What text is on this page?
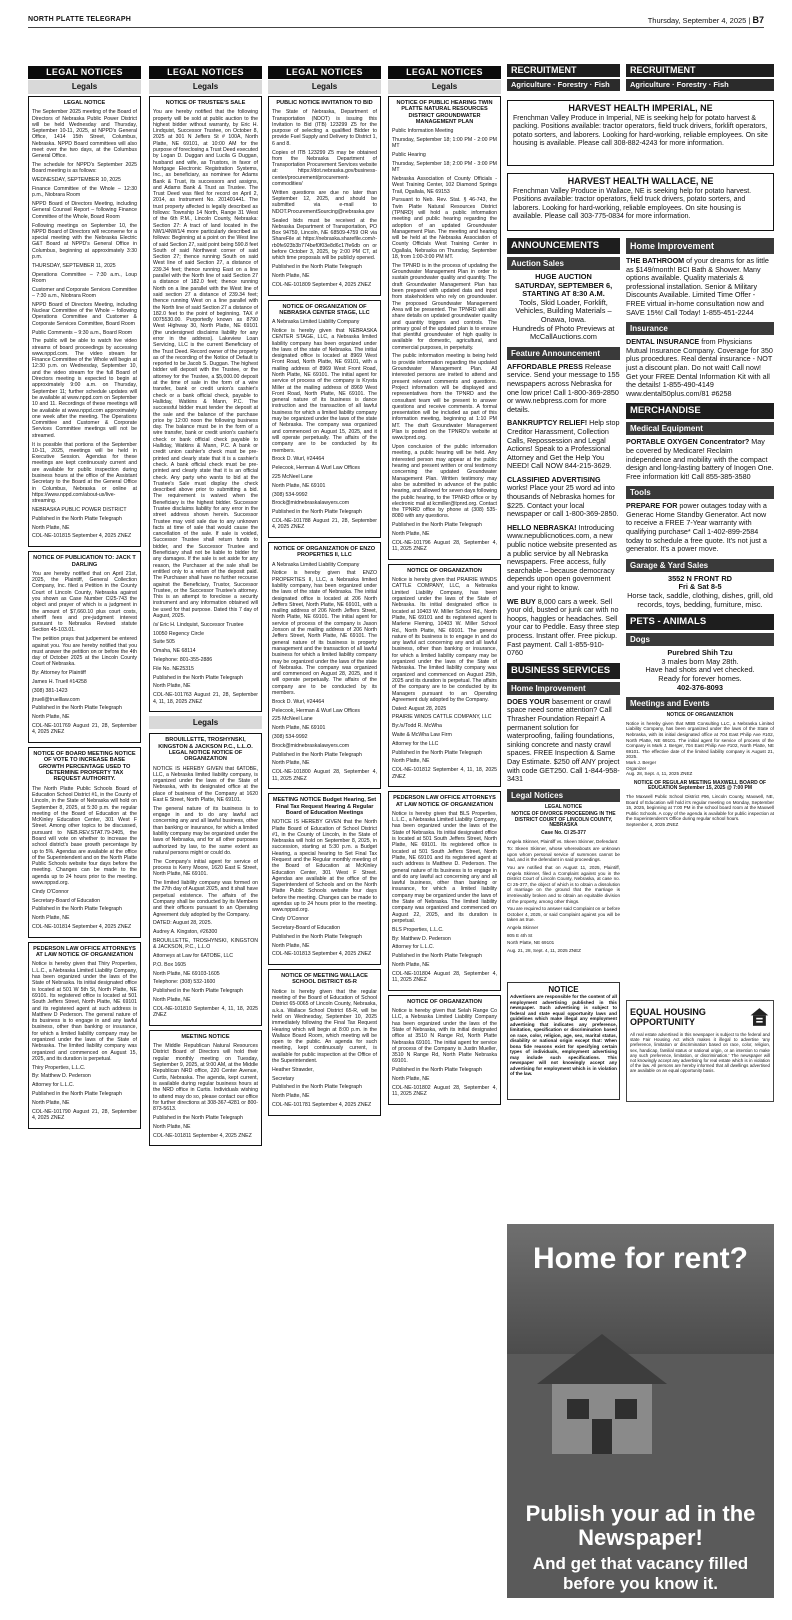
NORTH PLATTE TELEGRAPH	Thursday, September 4, 2025 | B7
LEGAL NOTICES	LEGAL NOTICES	LEGAL NOTICES	LEGAL NOTICES
Legals	Legals	Legals	Legals
LEGAL NOTICE

The September 2025 meeting of the Board of Directors of Nebraska Public Power District will be held Wednesday and Thursday, September 10-11, 2025, at NPPD's General Office, 1414 15th Street, Columbus, Nebraska. NPPD Board committees will also meet over the two days, at the Columbus General Office.

The schedule for NPPD's September 2025 Board meeting is as follows:

WEDNESDAY, SEPTEMBER 10, 2025

Finance Committee of the Whole – 12:30 p.m., Niobrara Room

NPPD Board of Directors Meeting, including General Counsel Report – following Finance Committee of the Whole, Board Room

Following meetings on September 10, the NPPD Board of Directors will reconvene for a special meeting with the Nebraska Electric G&T Board at NPPD's General Office in Columbus, beginning at approximately 3:30 p.m.

THURSDAY, SEPTEMBER 11, 2025

Operations Committee – 7:30 a.m., Loup Room

Customer and Corporate Services Committee – 7:30 a.m., Niobrara Room

NPPD Board of Directors Meeting, including Nuclear Committee of the Whole – following Operations Committee and Customer & Corporate Services Committee, Board Room

Public Comments – 9:30 a.m., Board Room

The public will be able to watch live video streams of board proceedings by accessing www.nppd.com. The video stream for Finance Committee of the Whole will begin at 12:30 p.m. on Wednesday, September 10, and the video stream for the full Board of Directors meeting is expected to begin at approximately 9:00 a.m. on Thursday, September 11; further schedule updates will be available at www.nppd.com on September 10 and 11. Recordings of these meetings will be available at www.nppd.com approximately one week after the meeting. The Operations Committee and Customer & Corporate Services Committee meetings will not be streamed.

It is possible that portions of the September 10-11, 2025, meetings will be held in Executive Session. Agendas for these meetings are kept continuously current and are available for public inspection during business hours at the office of the Assistant Secretary to the Board at the General Office in Columbus, Nebraska or online at https://www.nppd.com/about-us/live-streaming.

NEBRASKA PUBLIC POWER DISTRICT

Published in the North Platte Telegraph

North Platte, NE

COL-NE-101815 September 4, 2025 ZNEZ

NOTICE OF PUBLICATION TO: JACK T DARLING

You are hereby notified that on April 21st, 2025, the Plaintiff, General Collection Company, Inc. filed a Petition in the County Court of Lincoln County, Nebraska against you shown as Case Number CI25-743 the object and prayer of which is a judgment in the amount of $7,660.10 plus court costs, sheriff fees and pre-judgment interest pursuant to Nebraska Revised statute Section 45-103.01.

The petition prays that judgement be entered against you. You are hereby notified that you must answer the petition on or before the 4th day of October 2025 at the Lincoln County Court of Nebraska.

By: Attorney for Plaintiff

James H. Truell #14258

(308) 381-1423

jtruell@truelllaw.com

Published in the North Platte Telegraph

North Platte, NE

COL-NE-101769 August 21, 28, September 4, 2025 ZNEZ

NOTICE OF BOARD MEETING NOTICE OF VOTE TO INCREASE BASE GROWTH PERCENTAGE USED TO DETERMINE PROPERTY TAX REQUEST AUTHORITY.

The North Platte Public Schools Board of Education School District #1, in the County of Lincoln, in the State of Nebraska will hold on September 8, 2025, at 5:30 p.m. the regular meeting of the Board of Education at the McKinley Education Center, 301 West F Street. Among other topics to be discussed, pursuant to NEB.REV.STAT.79-3405, the Board will vote on whether to increase the school district's base growth percentage by up to 5%. Agendas are available at the office of the Superintendent and on the North Platte Public Schools website four days before the meeting. Changes can be made to the agenda up to 24 hours prior to the meeting. www.nppsd.org.

Cindy O'Connor

Secretary-Board of Education

Published in the North Platte Telegraph

North Platte, NE

COL-NE-101814 September 4, 2025 ZNEZ

PEDERSON LAW OFFICE ATTORNEYS AT LAW NOTICE OF ORGANIZATION

Notice is hereby given that Thiry Properties, L.L.C., a Nebraska Limited Liability Company, has been organized under the laws of the State of Nebraska. Its initial designated office is located at 501 W 5th St, North Platte, NE 69101. Its registered office is located at 501 South Jeffers Street, North Platte, NE 69101 and its registered agent at such address is Matthew D Pederson. The general nature of its business is to engage in and any lawful business, other than banking or insurance, for which a limited liability company may be organized under the laws of the State of Nebraska. The limited liability company was organized and commenced on August 15, 2025, and its duration is perpetual.

Thiry Properties, L.L.C.

By: Matthew D. Pederson

Attorney for L.L.C.

Published in the North Platte Telegraph

North Platte, NE

COL-NE-101790 August 21, 28, September 4, 2025 ZNEZ

NOTICE OF TRUSTEE'S SALE

You are hereby notified that the following property will be sold at public auction to the highest bidder without warranty, by Eric H. Lindquist, Successor Trustee, on October 8, 2025 at 301 N Jeffers St # 100A, North Platte, NE 69101, at 10:00 AM for the purpose of foreclosing a Trust Deed executed by Logan D. Duggan and Lucila G Duggan, husband and wife, as Trustors, in favor of Mortgage Electronic Registration Systems, Inc., as beneficiary, as nominee for Adams Bank & Trust, its successors and assigns, and Adams Bank & Trust as Trustee. The Trust Deed was filed for record on April 2, 2014, as Instrument No. 201401441. The trust property affected is legally described as follows: Township 14 North, Range 31 West of the 6th P.M., Lincoln County, Nebraska: Section 27: A tract of land located in the NW1/4NW1/4 more particularly described as follows: Beginning at a point on the West line of said Section 27, said point being 590.8 feet South of said Northwest corner of said Section 27; thence running South on said West line of said Section 27, a distance of 239.34 feet; thence running East on a line parallel with the North line of said Section 27 a distance of 182.0 feet; thence running North on a line parallel with the West line of said section 27 a distance of 239.34 feet; thence running West on a line parallel with the North line of said Section 27 a distance of 182.0 feet to the point of beginning. TAX # 0075530.00. Purportedly known as 8790 West Highway 30, North Platte, NE 69101 (the undersigned disclaims liability for any error in the address). Lakeview Loan Servicing, LLC is the current Beneficiary of the Trust Deed. Record owner of the property as of the recording of the Notice of Default is reported to be Jacob S. Duggan. The highest bidder will deposit with the Trustee, or the attorney for the Trustee, a $5,000.00 deposit at the time of sale in the form of a wire transfer, bank or credit union's cashier's check or a bank official check, payable to Halliday, Watkins & Mann, P.C. The successful bidder must tender the deposit at the sale and the balance of the purchase price by 12:00 noon the following business day. The balance must be in the form of a wire transfer, bank or credit union's cashier's check or bank official check payable to Halliday, Watkins & Mann, P.C. A bank or credit union cashier's check must be pre-printed and clearly state that it is a cashier's check. A bank official check must be pre-printed and clearly state that it is an official check. Any party who wants to bid at the Trustee's Sale must display the check described above prior to submitting a bid. The requirement is waived when the Beneficiary is the highest bidder. Successor Trustee disclaims liability for any error in the street address shown herein. Successor Trustee may void sale due to any unknown facts at time of sale that would cause the cancellation of the sale. If sale is voided, Successor Trustee shall return funds to bidder, and the Successor Trustee and Beneficiary shall not be liable to bidder for any damages. If the sale is set aside for any reason, the Purchaser at the sale shall be entitled only to a return of the deposit paid. The Purchaser shall have no further recourse against the Beneficiary, Trustor, Successor Trustee, or the Successor Trustee's attorney. This is an attempt to foreclose a security instrument and any information obtained will be used for that purpose. Dated this 7 day of August, 2025.

/s/ Eric H. Lindquist, Successor Trustee

10050 Regency Circle

Suite 505

Omaha, NE 68114

Telephone: 801-355-2886

File No. NE25315

Published in the North Platte Telegraph

North Platte, NE

COL-NE-101763 August 21, 28, September 4, 11, 18, 2025 ZNEZ

Legals
BROUILLETTE, TROSHYNSKI, KINGSTON & JACKSON P.C., L.L.O. LEGAL NOTICE NOTICE OF ORGANIZATION

NOTICE IS HEREBY GIVEN that 6ATOBE, LLC, a Nebraska limited liability company, is organized under the laws of the State of Nebraska, with its designated office at the place of business of the Company at 1620 East E Street, North Platte, NE 69101.

The general nature of its business is to engage in and to do any lawful act concerning any and all lawful business, other than banking or insurance, for which a limited liability company may be organized under the laws of Nebraska, and for all other purposes authorized by law, to the same extent as natural persons might or could do.

The Company's initial agent for service of process is Kerry Moore, 1620 East E Street, North Platte, NE 69101.

The limited liability company was formed on the 27th day of August 2025, and it shall have perpetual existence. The affairs of the Company shall be conducted by its Members and their officers pursuant to an Operating Agreement duly adopted by the Company.

DATED: August 28, 2025.

Audrey A. Kingston, #26300

BROUILLETTE, TROSHYNSKI, KINGSTON & JACKSON, P.C., L.L.O

Attorneys at Law for 6ATOBE, LLC

P.O. Box 1605

North Platte, NE 69103-1605

Telephone: (308) 532-1600

Published in the North Platte Telegraph

North Platte, NE

COL-NE-101810 September 4, 11, 18, 2025 ZNEZ

MEETING NOTICE

The Middle Republican Natural Resources District Board of Directors will hold their regular monthly meeting on Tuesday, September 9, 2025, at 9:00 AM, at the Middle Republican NRD office, 220 Center Avenue, Curtis, Nebraska. The agenda, kept current, is available during regular business hours at the NRD office in Curtis. Individuals wishing to attend may do so, please contact our office for further directions at 308-367-4281 or 800-873-5613.

Published in the North Platte Telegraph

North Platte, NE

COL-NE-101811 September 4, 2025 ZNEZ

PUBLIC NOTICE INVITATION TO BID

The State of Nebraska, Department of Transportation (NDOT) is issuing this Invitation to Bid (ITB) 123299 Z5 for the purpose of selecting a qualified Bidder to provide Fuel Supply and Delivery to District 1, 6 and 8.

Copies of ITB 123299 Z5 may be obtained from the Nebraska Department of Transportation Procurement Services website at: https://dot.nebraska.gov/business-center/procurement/procurement-commodities/

Written questions are due no later than September 12, 2025, and should be submitted via e-mail to NDOT.ProcurementSourcing@nebraska.gov

Sealed bids must be received at the Nebraska Department of Transportation, PO Box 94759, Lincoln, NE 68509-4759 OR via ShareFile at https://nebraska.sharefile.com/r-rb0fe923b3b774bef0f03e8d6c17fe6db on or before October 3, 2025, by 2:00 PM CT, at which time proposals will be publicly opened.

Published in the North Platte Telegraph

North Platte, NE

COL-NE-101809 September 4, 2025 ZNEZ

NOTICE OF ORGANIZATION OF NEBRASKA CENTER STAGE, LLC

A Nebraska Limited Liability Company

Notice is hereby given that NEBRASKA CENTER STAGE, LLC, a Nebraska limited liability company has been organized under the laws of the state of Nebraska. The initial designated office is located at 8969 West Front Road, North Platte, NE 69101, with a mailing address of 8969 West Front Road, North Platte, NE 69101. The initial agent for service of process of the company is Krysta Miller at the mailing address of 8969 West Front Road, North Platte, NE 69101. The general nature of its business is dance instruction and the transaction of all lawful business for which a limited liability company may be organized under the laws of the state of Nebraska. The company was organized and commenced on August 15, 2025, and it will operate perpetually. The affairs of the company are to be conducted by its members.

Brock D. Wurl, #24464

Pelecook, Herman & Wurl Law Offices

225 McNeel Lane

North Platte, NE 69101

(308) 534-9992

Brock@midnebraskalawyers.com

Published in the North Platte Telegraph

COL-NE-101788 August 21, 28, September 4, 2025 ZNEZ

NOTICE OF ORGANIZATION OF ENZO PROPERTIES II, LLC

A Nebraska Limited Liability Company

Notice is hereby given that ENZO PROPERTIES II, LLC, a Nebraska limited liability company, has been organized under the laws of the state of Nebraska. The initial designated office is located at 206 North Jeffers Street, North Platte, NE 69101, with a mailing address of 206 North Jeffers Street, North Platte, NE 69101. The initial agent for service of process of the company is Jason Jonson at the mailing address of 206 North Jeffers Street, North Platte, NE 69101. The general nature of its business is property management and the transaction of all lawful business for which a limited liability company may be organized under the laws of the state of Nebraska. The company was organized and commenced on August 28, 2025, and it will operate perpetually. The affairs of the company are to be conducted by its members.

Brock D. Wurl, #24464

Pelecook, Herman & Wurl Law Offices

225 McNeel Lane

North Platte, NE 69101

(308) 534-9992

Brock@midnebraskalawyers.com

Published in the North Platte Telegraph

North Platte, NE

COL-NE-101800 August 28, September 4, 11, 2025 ZNEZ

MEETING NOTICE Budget Hearing, Set Final Tax Request Hearing & Regular Board of Education Meetings

NOTICE IS HEREBY GIVEN that the North Platte Board of Education of School District #1, in the County of Lincoln, in the State of Nebraska will hold on September 8, 2025, in succession, starting at 5:30 p.m. a Budget Hearing, a special hearing to Set Final Tax Request and the Regular monthly meeting of the Board of Education at McKinley Education Center, 301 West F Street. Agendas are available at the office of the Superintendent of Schools and on the North Platte Public Schools website four days before the meeting. Changes can be made to agendas up to 24 hours prior to the meeting. www.nppsd.org.

Cindy O'Connor

Secretary-Board of Education

Published in the North Platte Telegraph

North Platte, NE

COL-NE-101813 September 4, 2025 ZNEZ

NOTICE OF MEETING WALLACE SCHOOL DISTRICT 65-R

Notice is hereby given that the regular meeting of the Board of Education of School District 65-0065 of Lincoln County, Nebraska, a.k.a. Wallace School District 65-R, will be held on Wednesday, September 10, 2025 immediately following the Final Tax Request Hearing which will begin at 8:00 p.m. in the Wallace Board Room, which meeting will be open to the public. An agenda for such meeting, kept continuously current, is available for public inspection at the Office of the Superintendent.

Heather Strawder,

Secretary

Published in the North Platte Telegraph

North Platte, NE

COL-NE-101781 September 4, 2025 ZNEZ

NOTICE OF PUBLIC HEARING TWIN PLATTE NATURAL RESOURCES DISTRICT GROUNDWATER MANAGEMENT PLAN

Public Information Meeting

Thursday, September 18; 1:00 PM - 2:00 PM MT

Public Hearing

Thursday, September 18; 2:00 PM - 3:00 PM MT

Nebraska Association of County Officials - West Training Center, 102 Diamond Springs Trail, Ogallala, NE 69153

Pursuant to Neb. Rev. Stat. § 46-743, the Twin Platte Natural Resources District (TPNRD) will hold a public information meeting and public hearing regarding the adoption of an updated Groundwater Management Plan. The meeting and hearing will be held at the Nebraska Association of County Officials West Training Center in Ogallala, Nebraska on Thursday, September 18, from 1:00-3:00 PM MT.

The TPNRD is in the process of updating the Groundwater Management Plan in order to sustain groundwater quality and quantity. The draft Groundwater Management Plan has been prepared with updated data and input from stakeholders who rely on groundwater. The proposed Groundwater Management Area will be presented. The TPNRD will also share details on updated groundwater quality and quantity triggers and controls. The primary goal of the updated plan is to ensure that plentiful groundwater of high quality is available for domestic, agricultural, and commercial purposes, in perpetuity.

The public information meeting is being held to provide information regarding the updated Groundwater Management Plan. All interested persons are invited to attend and present relevant comments and questions. Project information will be displayed and representatives from the TPNRD and the consultant team will be present to answer questions and receive comments. A formal presentation will be included as part of this information meeting, beginning at 1:10 PM MT. The draft Groundwater Management Plan is posted on the TPNRD's website at www.tpnrd.org.

Upon conclusion of the public information meeting, a public hearing will be held. Any interested person may appear at the public hearing and present written or oral testimony concerning the updated Groundwater Management Plan. Written testimony may also be submitted in advance of the public hearing, and allowed for seven days following the public hearing, to the TPNRD office or by electronic mail at kcmiller@tpnrd.org. Contact the TPNRD office by phone at (308) 535-8080 with any questions.

Published in the North Platte Telegraph

North Platte, NE

COL-NE-101796 August 28, September 4, 11, 2025 ZNEZ

NOTICE OF ORGANIZATION

Notice is hereby given that PRAIRIE WINDS CATTLE COMPANY, LLC, a Nebraska Limited Liability Company, has been organized under the laws of the State of Nebraska. Its initial designated office is located at 10403 W. Miller School Rd., North Platte, NE 69101 and its registered agent is Marlene Fleming, 10403 W. Miller School Rd., North Platte, NE 69101. The general nature of its business is to engage in and do any lawful act concerning any and all lawful business, other than banking or insurance, for which a limited liability company may be organized under the laws of the State of Nebraska. The limited liability company was organized and commenced on August 25th, 2025 and its duration is perpetual. The affairs of the company are to be conducted by its Managers pursuant to an Operating Agreement duly adopted by the Company.

Dated: August 28, 2025

PRAIRIE WINDS CATTLE COMPANY, LLC

By:/s/Todd R. McWha

Waite & McWha Law Firm

Attorney for the LLC

Published in the North Platte Telegraph

North Platte, NE

COL-NE-101812 September 4, 11, 18, 2025 ZNEZ

PEDERSON LAW OFFICE ATTORNEYS AT LAW NOTICE OF ORGANIZATION

Notice is hereby given that BLS Properties, L.L.C., a Nebraska Limited Liability Company, has been organized under the laws of the State of Nebraska. Its initial designated office is located at 501 South Jeffers Street, North Platte, NE 69101. Its registered office is located at 501 South Jeffers Street, North Platte, NE 69101 and its registered agent at such address is Matthew D. Pederson. The general nature of its business is to engage in and do any lawful act concerning any and all lawful business, other than banking or insurance, for which a limited liability company may be organized under the laws of the State of Nebraska. The limited liability company was organized and commenced on August 22, 2025, and its duration is perpetual.

BLS Properties, L.L.C.

By: Matthew D. Pederson

Attorney for L.L.C.

Published in the North Platte Telegraph

North Platte, NE

COL-NE-101804 August 28, September 4, 11, 2025 ZNEZ

NOTICE OF ORGANIZATION

Notice is hereby given that Selah Range Co LLC, a Nebraska Limited Liability Company has been organized under the laws of the State of Nebraska, with its initial designated office at 3510 N Range Rd, North Platte Nebraska 69101. The initial agent for service of process of the Company is Justin Mueller, 3510 N Range Rd, North Platte Nebraska 69101.

Published in the North Platte Telegraph

North Platte, NE

COL-NE-101802 August 28, September 4, 11, 2025 ZNEZ

RECRUITMENT	RECRUITMENT
Agriculture · Forestry · Fish	Agriculture · Forestry · Fish
HARVEST HEALTH IMPERIAL, NE
Frenchman Valley Produce in Imperial, NE is seeking help for potato harvest & packing. Positions available: tractor operators, field truck drivers, forklift operators, potato sorters, and laborers. Looking for hard-working, reliable employees. On site housing is available. Please call 308-882-4243 for more information.
HARVEST HEALTH WALLACE, NE
Frenchman Valley Produce in Wallace, NE is seeking help for potato harvest. Positions available: tractor operators, field truck drivers, potato sorters, and laborers. Looking for hard-working, reliable employees. On site housing is available. Please call 303-775-0834 for more information.
ANNOUNCEMENTS
Auction Sales
HUGE AUCTION
SATURDAY, SEPTEMBER 6, STARTING AT 8:30 A.M.
Tools, Skid Loader, Forklift, Vehicles, Building Materials – Onawa, Iowa.
Hundreds of Photo Previews at McCallAuctions.com
Feature Announcement
AFFORDABLE PRESS Release service. Send your message to 155 newspapers across Nebraska for one low price! Call 1-800-369-2850 or www.nebpress.com for more details.
BANKRUPTCY RELIEF! Help stop Creditor Harassment, Collection Calls, Repossession and Legal Actions! Speak to a Professional Attorney and Get the Help You NEED! Call NOW 844-215-3629.
CLASSIFIED ADVERTISING works! Place your 25 word ad into thousands of Nebraska homes for $225. Contact your local newspaper or call 1-800-369-2850.
HELLO NEBRASKA! Introducing www.nepublicnotices.com, a new public notice website presented as a public service by all Nebraska newspapers. Free access, fully searchable – because democracy depends upon open government and your right to know.
WE BUY 8,000 cars a week. Sell your old, busted or junk car with no hoops, haggles or headaches. Sell your car to Peddle. Easy three step process. Instant offer. Free pickup. Fast payment. Call 1-855-910-0760
BUSINESS SERVICES
Home Improvement
DOES YOUR basement or crawl space need some attention? Call Thrasher Foundation Repair! A permanent solution for waterproofing, failing foundations, sinking concrete and nasty crawl spaces. FREE Inspection & Same Day Estimate. $250 off ANY project with code GET250. Call 1-844-958-3431
Legal Notices
LEGAL NOTICE
NOTICE OF DIVORCE PROCEEDING IN THE DISTRICT COURT OF LINCOLN COUNTY, NEBRASKA
Case No. CI 25-377
Angela Skinner, Plaintiff vs. Skeen Skinner, Defendant
To: Skeen Skinner, whose whereabouts are unknown upon whom personal service of summons cannot be had, and is the defendant in said proceedings.
You are notified that on August 11, 2025, Plaintiff, Angela Skinner, filed a Complaint against you in the District Court of Lincoln County, Nebraska, at case no. CI 25-377, the object of which is to obtain a dissolution of marriage on the ground that the marriage is irretrievably broken and to obtain an equitable division of the property, among other things.
You are required to answer said Complaint on or before October 4, 2025, or said Complaint against you will be taken as true.
Angela Skinner
805 E 4th St
North Platte, NE 69101
Aug. 21, 28, Sept. 4, 11, 2025 ZNEZ
NOTICE
Advertisers are responsible for the content of all employment advertising published in this newspaper. Such advertising is subject to federal and state equal opportunity laws and guidelines which make illegal any employment advertising that indicates any preference, limitation, specification or discrimination based on race, color, religion, age, sex, marital status, disability or national origin except that: When bona fide reasons exist for specifying certain types of individuals, employment advertising may include such specifications. This newspaper will not knowingly accept any advertising for employment which is in violation of the law.
Home Improvement
THE BATHROOM of your dreams for as little as $149/month! BCI Bath & Shower. Many options available. Quality materials & professional installation. Senior & Military Discounts Available. Limited Time Offer - FREE virtual in-home consultation now and SAVE 15%! Call Today! 1-855-451-2244
Insurance
DENTAL INSURANCE from Physicians Mutual Insurance Company. Coverage for 350 plus procedures. Real dental insurance - NOT just a discount plan. Do not wait! Call now! Get your FREE Dental Information Kit with all the details! 1-855-490-4149 www.dental50plus.com/81 #6258
MERCHANDISE
Medical Equipment
PORTABLE OXYGEN Concentrator? May be covered by Medicare! Reclaim independence and mobility with the compact design and long-lasting battery of Inogen One. Free information kit! Call 855-385-3580
Tools
PREPARE FOR power outages today with a Generac Home Standby Generator. Act now to receive a FREE 7-Year warranty with qualifying purchase* Call 1-402-899-2584 today to schedule a free quote. It's not just a generator. It's a power move.
Garage & Yard Sales
3552 N FRONT RD
Fri & Sat 8-5
Horse tack, saddle, clothing, dishes, grill, old records, toys, bedding, furniture, misc.
PETS - ANIMALS
Dogs
Purebred Shih Tzu
3 males born May 28th.
Have had shots and vet checked.
Ready for forever homes.
402-376-8093
Meetings and Events
NOTICE OF ORGANIZATION
Notice is hereby given that MBB Consulting LLC, a Nebraska Limited Liability Company, has been organized under the laws of the State of Nebraska, with its initial designated office at 704 East Philip Ave #102, North Platte, NE 69101. The initial agent for service of process of the Company is Mark J. Berger, 704 East Philip Ave #102, North Platte, NE 69101. The effective date of the limited liability company is August 21, 2025.
Mark J. Berger
Organizer
Aug. 28, Sept. 4, 11, 2025 ZNEZ
NOTICE OF REGULAR MEETING MAXWELL BOARD OF EDUCATION September 15, 2025 @ 7:00 PM
The Maxwell Public School District #96, Lincoln County, Maxwell, NE, Board of Education will hold it's regular meeting on Monday, September 15, 2025, beginning at 7:00 PM in the school board room at the Maxwell Public Schools. A copy of the agenda is available for public inspection at the Superintendent's Office during regular school hours.
September 4, 2025 ZNEZ
EQUAL HOUSING OPPORTUNITY
All real estate advertised in this newspaper is subject to the federal and state Fair Housing Act which makes it illegal to advertise 'any preference, limitation or discrimination based on race, color, religion, sex, handicap, familial status or national origin, or an intention to make any such preference, limitation, or discrimination.' The newspaper will not knowingly accept any advertising for real estate which is in violation of the law. All persons are hereby informed that all dwellings advertised are available on an equal opportunity basis.
Home for rent?
Publish your ad in the Newspaper!
And get that vacancy filled before you know it.
